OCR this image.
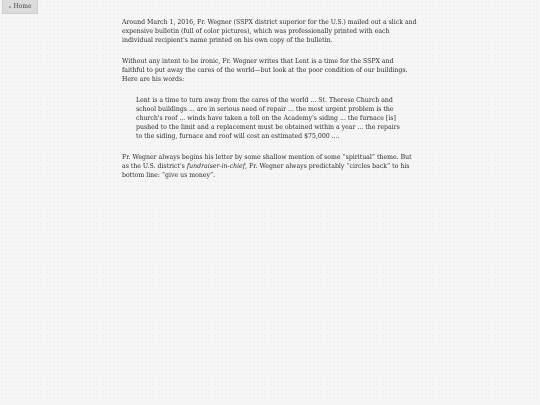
◂ Home

Around March 1, 2016, Fr. Wegner (SSPX district superior for the U.S.) mailed out a slick and expensive bulletin (full of color pictures), which was professionally printed with each individual recipient's name printed on his own copy of the bulletin.

Without any intent to be ironic, Fr. Wegner writes that Lent is a time for the SSPX and faithful to put away the cares of the world—but look at the poor condition of our buildings. Here are his words:

Lent is a time to turn away from the cares of the world ... St. Therese Church and school buildings ... are in serious need of repair ... the most urgent problem is the church's roof ... winds have taken a toll on the Academy's siding ... the furnace [is] pushed to the limit and a replacement must be obtained within a year ... the repairs to the siding, furnace and roof will cost an estimated $75,000 ....

Fr. Wegner always begins his letter by some shallow mention of some “spiritual” theme. But as the U.S. district's fundraiser-in-chief, Fr. Wegner always predictably “circles back” to his bottom line: “give us money”.
